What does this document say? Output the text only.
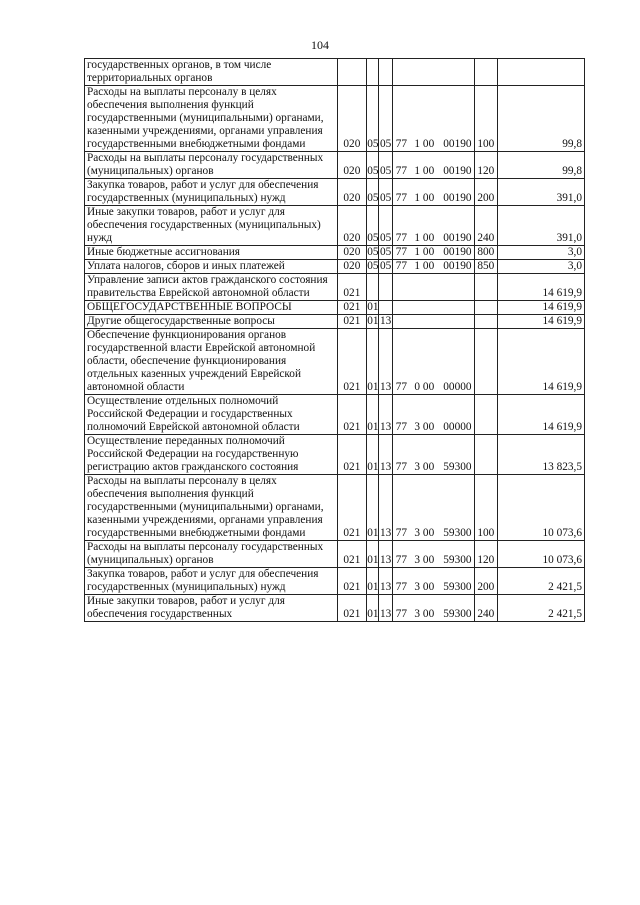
104
государственных органов, в том числе территориальных органов				

Расходы на выплаты персоналу в целях обеспечения выполнения функций государственными (муниципальными) органами, казенными учреждениями, органами управления государственными внебюджетными фондами	020	05	05	77 1 00 00190	100	99,8
Расходы на выплаты персоналу государственных (муниципальных) органов	020	05	05	77 1 00 00190	120	99,8
Закупка товаров, работ и услуг для обеспечения государственных (муниципальных) нужд	020	05	05	77 1 00 00190	200	391,0
Иные закупки товаров, работ и услуг для обеспечения государственных (муниципальных) нужд	020	05	05	77 1 00 00190	240	391,0
Иные бюджетные ассигнования	020	05	05	77 1 00 00190	800	3,0
Уплата налогов, сборов и иных платежей	020	05	05	77 1 00 00190	850	3,0
Управление записи актов гражданского состояния правительства Еврейской автономной области	021					14 619,9
ОБЩЕГОСУДАРСТВЕННЫЕ ВОПРОСЫ	021	01				14 619,9
Другие общегосударственные вопросы	021	01	13			14 619,9
Обеспечение функционирования органов государственной власти Еврейской автономной области, обеспечение функционирования отдельных казенных учреждений Еврейской автономной области	021	01	13	77 0 00 00000		14 619,9
Осуществление отдельных полномочий Российской Федерации и государственных полномочий Еврейской автономной области	021	01	13	77 3 00 00000		14 619,9
Осуществление переданных полномочий Российской Федерации на государственную регистрацию актов гражданского состояния	021	01	13	77 3 00 59300		13 823,5
Расходы на выплаты персоналу в целях обеспечения выполнения функций государственными (муниципальными) органами, казенными учреждениями, органами управления государственными внебюджетными фондами	021	01	13	77 3 00 59300	100	10 073,6
Расходы на выплаты персоналу государственных (муниципальных) органов	021	01	13	77 3 00 59300	120	10 073,6
Закупка товаров, работ и услуг для обеспечения государственных (муниципальных) нужд	021	01	13	77 3 00 59300	200	2 421,5
Иные закупки товаров, работ и услуг для обеспечения государственных	021	01	13	77 3 00 59300	240	2 421,5
